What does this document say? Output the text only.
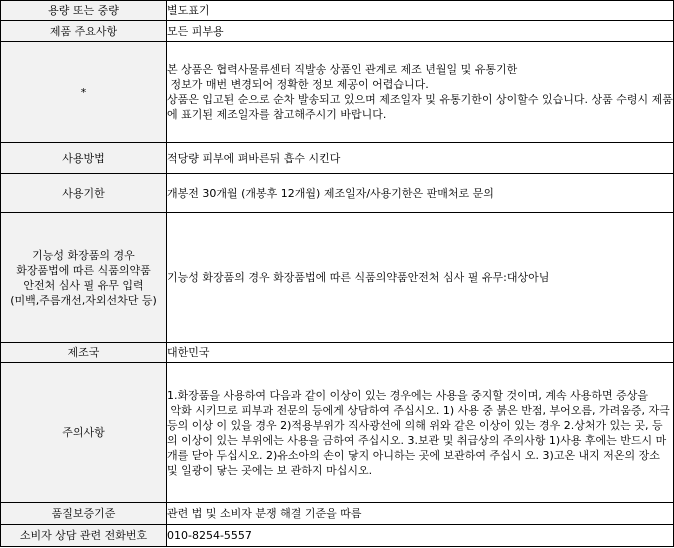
용량 또는 중량	별도표기

제품 주요사항	모든 피부용

*	본 상품은 협력사물류센터 직발송 상품인 관계로 제조 년월일 및 유통기한

정보가 매번 변경되어 정확한 정보 제공이 어렵습니다.

상품은 입고된 순으로 순차 발송되고 있으며 제조일자 및 유통기한이 상이할수 있습니다. 상품 수령시 제품에 표기된 제조일자를 참고해주시기 바랍니다.

사용방법	적당량 피부에 펴바른뒤 흡수 시킨다

사용기한	개봉전 30개월 (개봉후 12개월) 제조일자/사용기한은 판매처로 문의

기능성 화장품의 경우
화장품법에 따른 식품의약품
안전처 심사 필 유무 입력
(미백,주름개선,자외선차단 등)	기능성 화장품의 경우 화장품법에 따른 식품의약품안전처 심사 필 유무:대상아님

제조국	대한민국

주의사항	1.화장품을 사용하여 다음과 같이 이상이 있는 경우에는 사용을 중지할 것이며, 계속 사용하면 증상을

악화 시키므로 피부과 전문의 등에게 상담하여 주십시오. 1) 사용 중 붉은 반점, 부어오름, 가려움증, 자극 등의 이상 이 있을 경우 2)적용부위가 직사광선에 의해 위와 같은 이상이 있는 경우 2.상처가 있는 곳, 등의 이상이 있는 부위에는 사용을 금하여 주십시오. 3.보관 및 취급상의 주의사항 1)사용 후에는 반드시 마개를 닫아 두십시오. 2)유소아의 손이 닿지 아니하는 곳에 보관하여 주십시 오. 3)고온 내지 저온의 장소 및 일광이 닿는 곳에는 보 관하지 마십시오.

품질보증기준	관련 법 및 소비자 분쟁 해결 기준을 따름

소비자 상담 관련 전화번호	010-8254-5557
